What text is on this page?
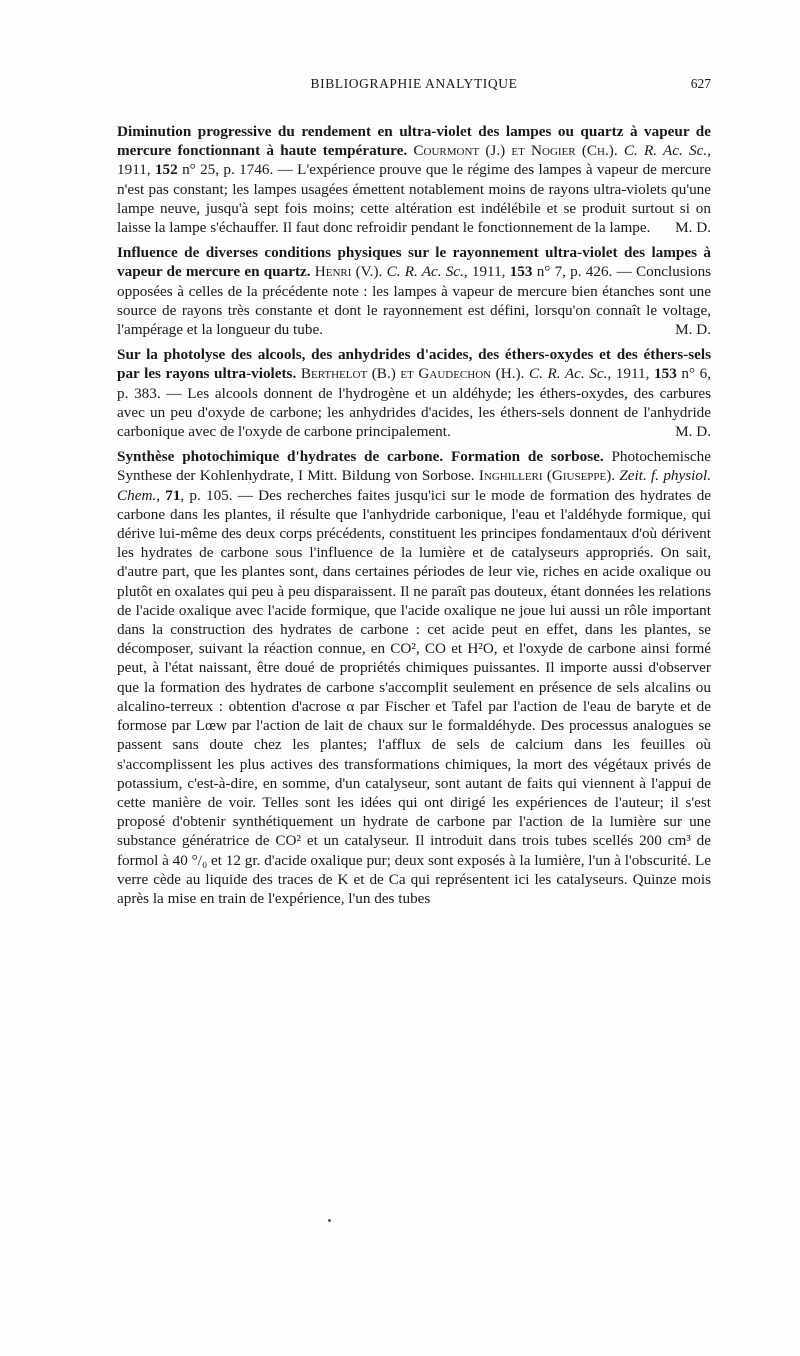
BIBLIOGRAPHIE ANALYTIQUE	627

Diminution progressive du rendement en ultra-violet des lampes ou quartz à vapeur de mercure fonctionnant à haute température. Courmont (J.) et Nogier (Ch.). C. R. Ac. Sc., 1911, 152 n° 25, p. 1746. — L'expérience prouve que le régime des lampes à vapeur de mercure n'est pas constant; les lampes usagées émettent notablement moins de rayons ultra-violets qu'une lampe neuve, jusqu'à sept fois moins; cette altération est indélébile et se produit surtout si on laisse la lampe s'échauffer. Il faut donc refroidir pendant le fonctionnement de la lampe. M. D.

Influence de diverses conditions physiques sur le rayonnement ultra-violet des lampes à vapeur de mercure en quartz. Henri (V.). C. R. Ac. Sc., 1911, 153 n° 7, p. 426. — Conclusions opposées à celles de la précédente note : les lampes à vapeur de mercure bien étanches sont une source de rayons très constante et dont le rayonnement est défini, lorsqu'on connaît le voltage, l'ampérage et la longueur du tube.	M. D.

Sur la photolyse des alcools, des anhydrides d'acides, des éthers-oxydes et des éthers-sels par les rayons ultra-violets. Berthelot (B.) et Gaudechon (H.). C. R. Ac. Sc., 1911, 153 n° 6, p. 383. — Les alcools donnent de l'hydrogène et un aldéhyde; les éthers-oxydes, des carbures avec un peu d'oxyde de carbone; les anhydrides d'acides, les éthers-sels donnent de l'anhydride carbonique avec de l'oxyde de carbone principalement.	M. D.

Synthèse photochimique d'hydrates de carbone. Formation de sorbose. Photochemische Synthese der Kohlenhydrate, I Mitt. Bildung von Sorbose. Inghilleri (Giuseppe). Zeit. f. physiol. Chem., 71, p. 105. — Des recherches faites jusqu'ici sur le mode de formation des hydrates de carbone dans les plantes, il résulte que l'anhydride carbonique, l'eau et l'aldéhyde formique, qui dérive lui-même des deux corps précédents, constituent les principes fondamentaux d'où dérivent les hydrates de carbone sous l'influence de la lumière et de catalyseurs appropriés. On sait, d'autre part, que les plantes sont, dans certaines périodes de leur vie, riches en acide oxalique ou plutôt en oxalates qui peu à peu disparaissent. Il ne paraît pas douteux, étant données les relations de l'acide oxalique avec l'acide formique, que l'acide oxalique ne joue lui aussi un rôle important dans la construction des hydrates de carbone : cet acide peut en effet, dans les plantes, se décomposer, suivant la réaction connue, en CO², CO et H²O, et l'oxyde de carbone ainsi formé peut, à l'état naissant, être doué de propriétés chimiques puissantes. Il importe aussi d'observer que la formation des hydrates de carbone s'accomplit seulement en présence de sels alcalins ou alcalino-terreux : obtention d'acrose α par Fischer et Tafel par l'action de l'eau de baryte et de formose par Lœw par l'action de lait de chaux sur le formaldéhyde. Des processus analogues se passent sans doute chez les plantes; l'afflux de sels de calcium dans les feuilles où s'accomplissent les plus actives des transformations chimiques, la mort des végétaux privés de potassium, c'est-à-dire, en somme, d'un catalyseur, sont autant de faits qui viennent à l'appui de cette manière de voir. Telles sont les idées qui ont dirigé les expériences de l'auteur; il s'est proposé d'obtenir synthétiquement un hydrate de carbone par l'action de la lumière sur une substance génératrice de CO² et un catalyseur. Il introduit dans trois tubes scellés 200 cm³ de formol à 40 °/₀ et 12 gr. d'acide oxalique pur; deux sont exposés à la lumière, l'un à l'obscurité. Le verre cède au liquide des traces de K et de Ca qui représentent ici les catalyseurs. Quinze mois après la mise en train de l'expérience, l'un des tubes
